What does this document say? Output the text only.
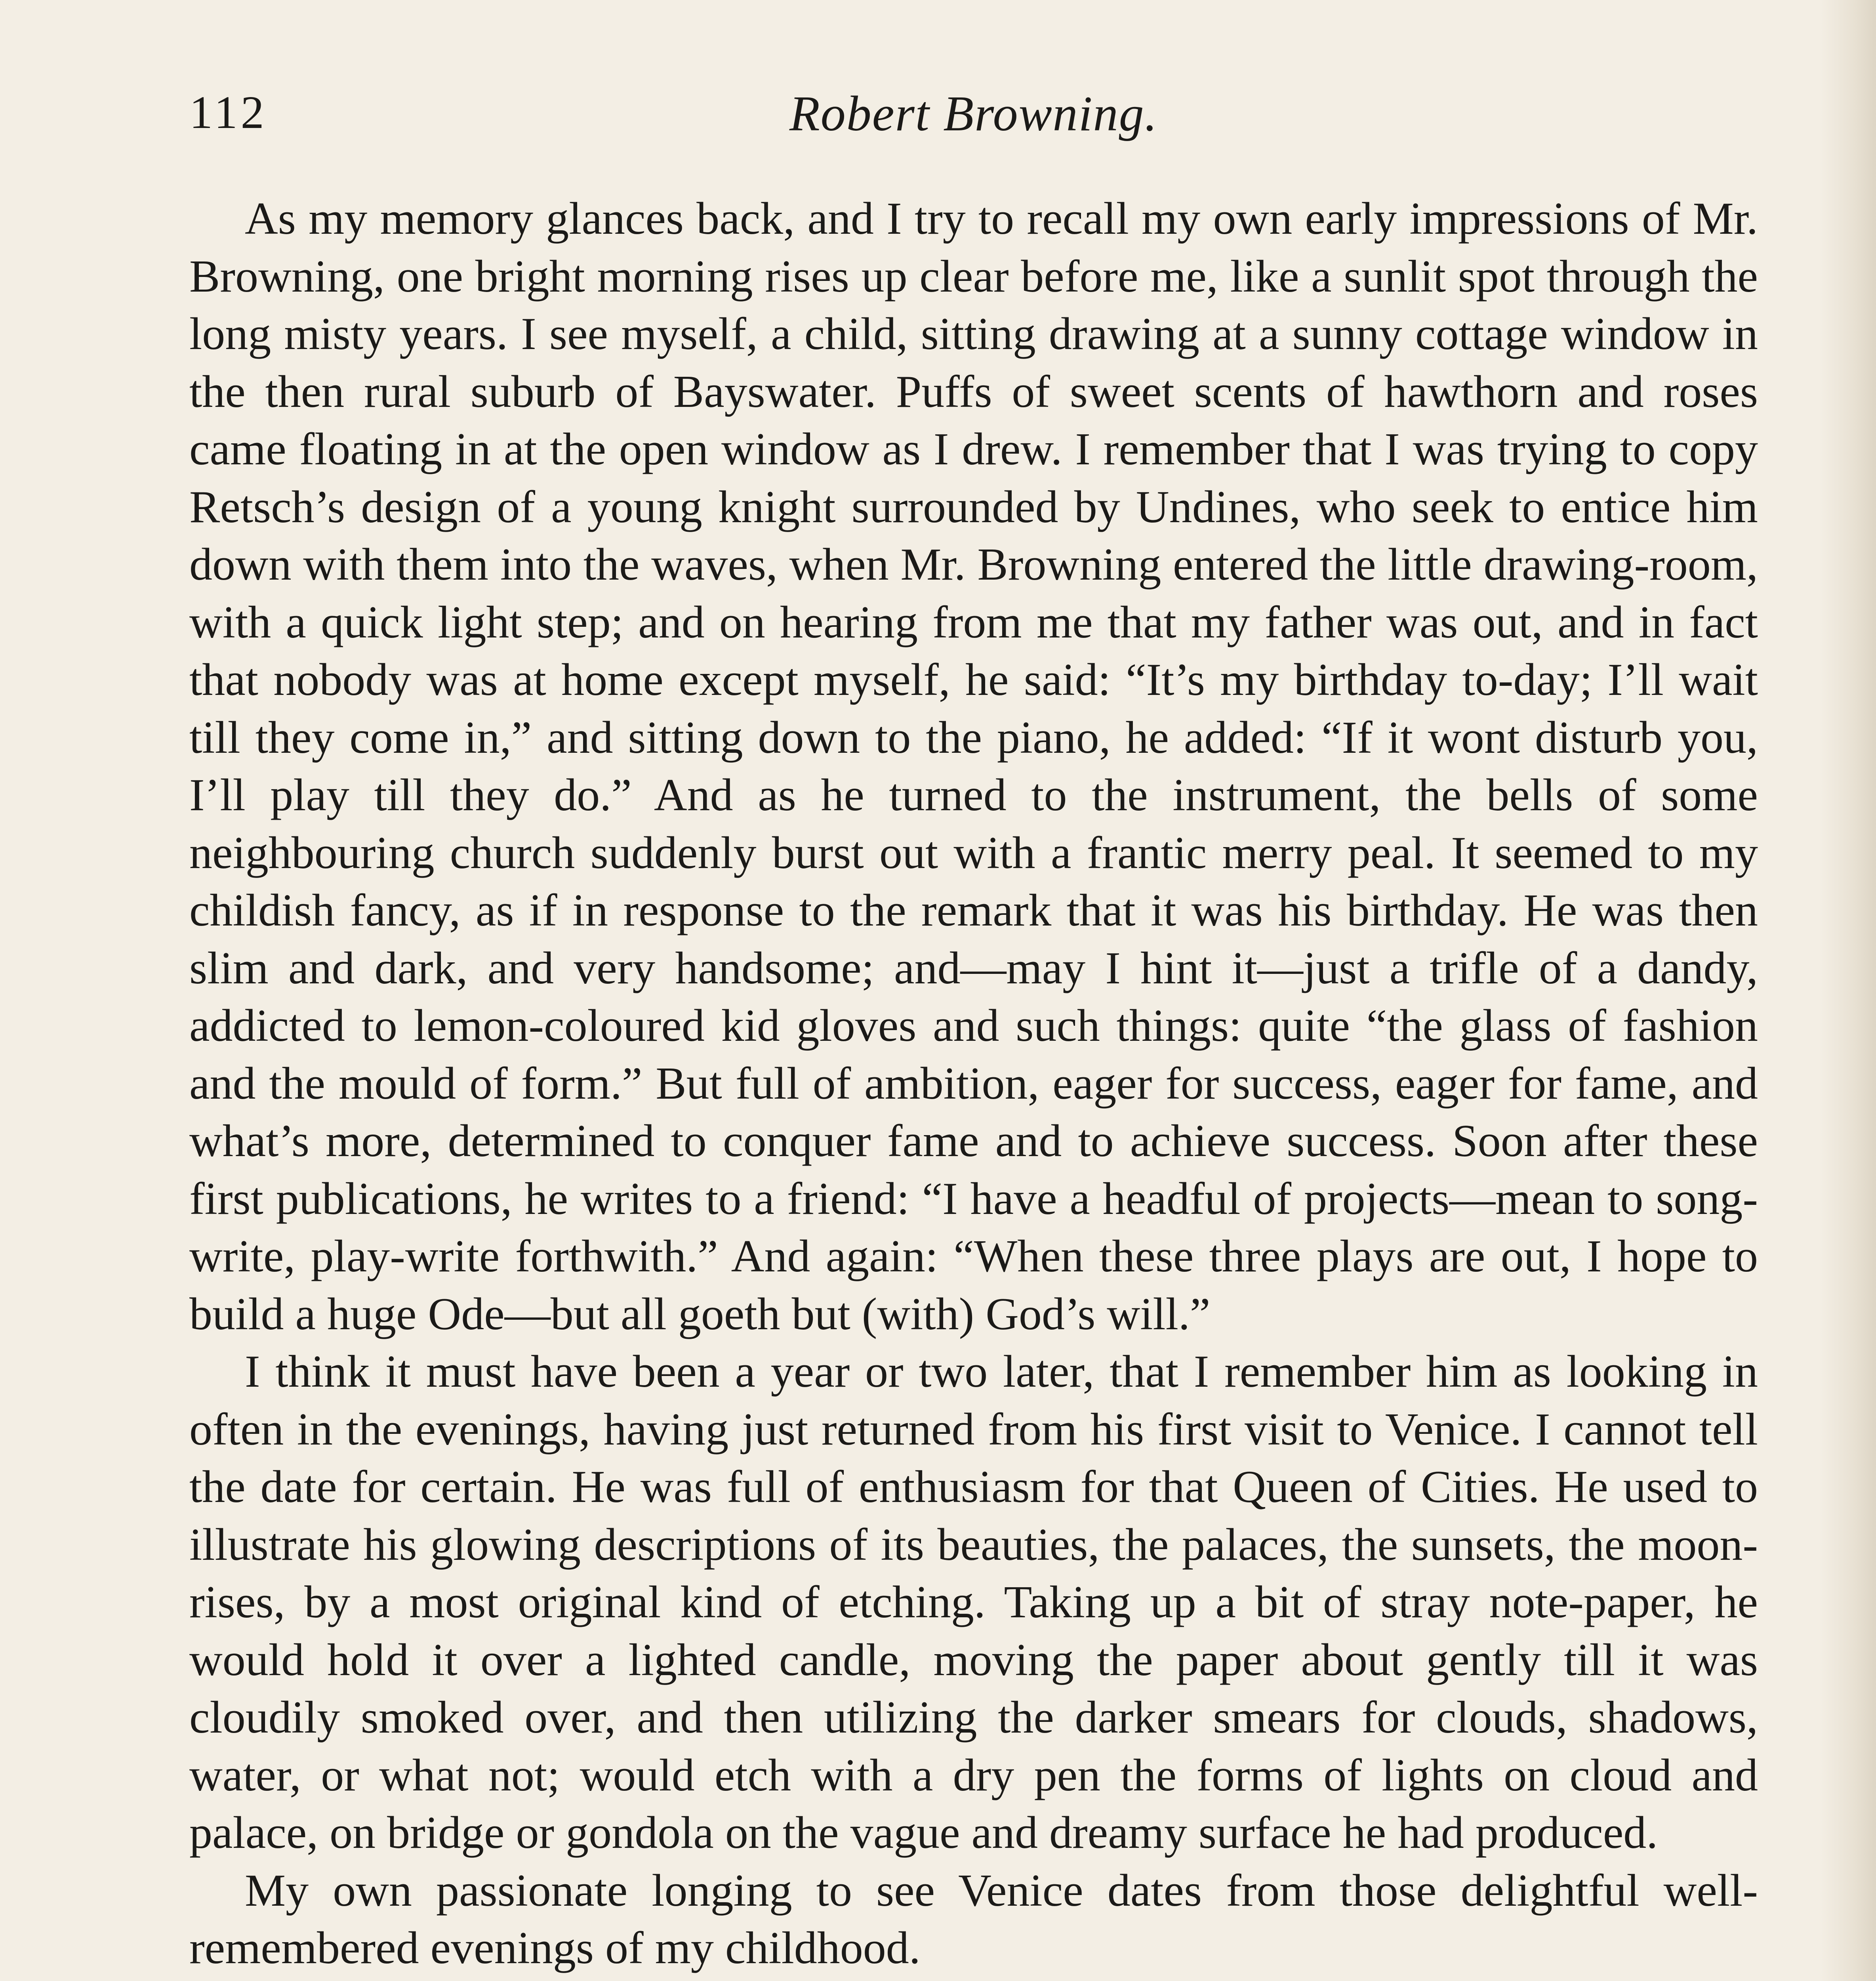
112	Robert Browning.

As my memory glances back, and I try to recall my own early impressions of Mr. Browning, one bright morning rises up clear before me, like a sunlit spot through the long misty years. I see myself, a child, sitting drawing at a sunny cottage window in the then rural suburb of Bayswater. Puffs of sweet scents of hawthorn and roses came floating in at the open window as I drew. I remember that I was trying to copy Retsch’s design of a young knight surrounded by Undines, who seek to entice him down with them into the waves, when Mr. Browning entered the little drawing-room, with a quick light step; and on hearing from me that my father was out, and in fact that nobody was at home except myself, he said: “It’s my birthday to-day; I’ll wait till they come in,” and sitting down to the piano, he added: “If it wont disturb you, I’ll play till they do.” And as he turned to the instrument, the bells of some neighbouring church suddenly burst out with a frantic merry peal. It seemed to my childish fancy, as if in response to the remark that it was his birthday. He was then slim and dark, and very handsome; and—may I hint it—just a trifle of a dandy, addicted to lemon-coloured kid gloves and such things: quite “the glass of fashion and the mould of form.” But full of ambition, eager for success, eager for fame, and what’s more, determined to conquer fame and to achieve success. Soon after these first publications, he writes to a friend: “I have a headful of projects—mean to song-write, play-write forthwith.” And again: “When these three plays are out, I hope to build a huge Ode—but all goeth but (with) God’s will.”

I think it must have been a year or two later, that I remember him as looking in often in the evenings, having just returned from his first visit to Venice. I cannot tell the date for certain. He was full of enthusiasm for that Queen of Cities. He used to illustrate his glowing descriptions of its beauties, the palaces, the sunsets, the moon-rises, by a most original kind of etching. Taking up a bit of stray note-paper, he would hold it over a lighted candle, moving the paper about gently till it was cloudily smoked over, and then utilizing the darker smears for clouds, shadows, water, or what not; would etch with a dry pen the forms of lights on cloud and palace, on bridge or gondola on the vague and dreamy surface he had produced.

My own passionate longing to see Venice dates from those delightful well-remembered evenings of my childhood.
